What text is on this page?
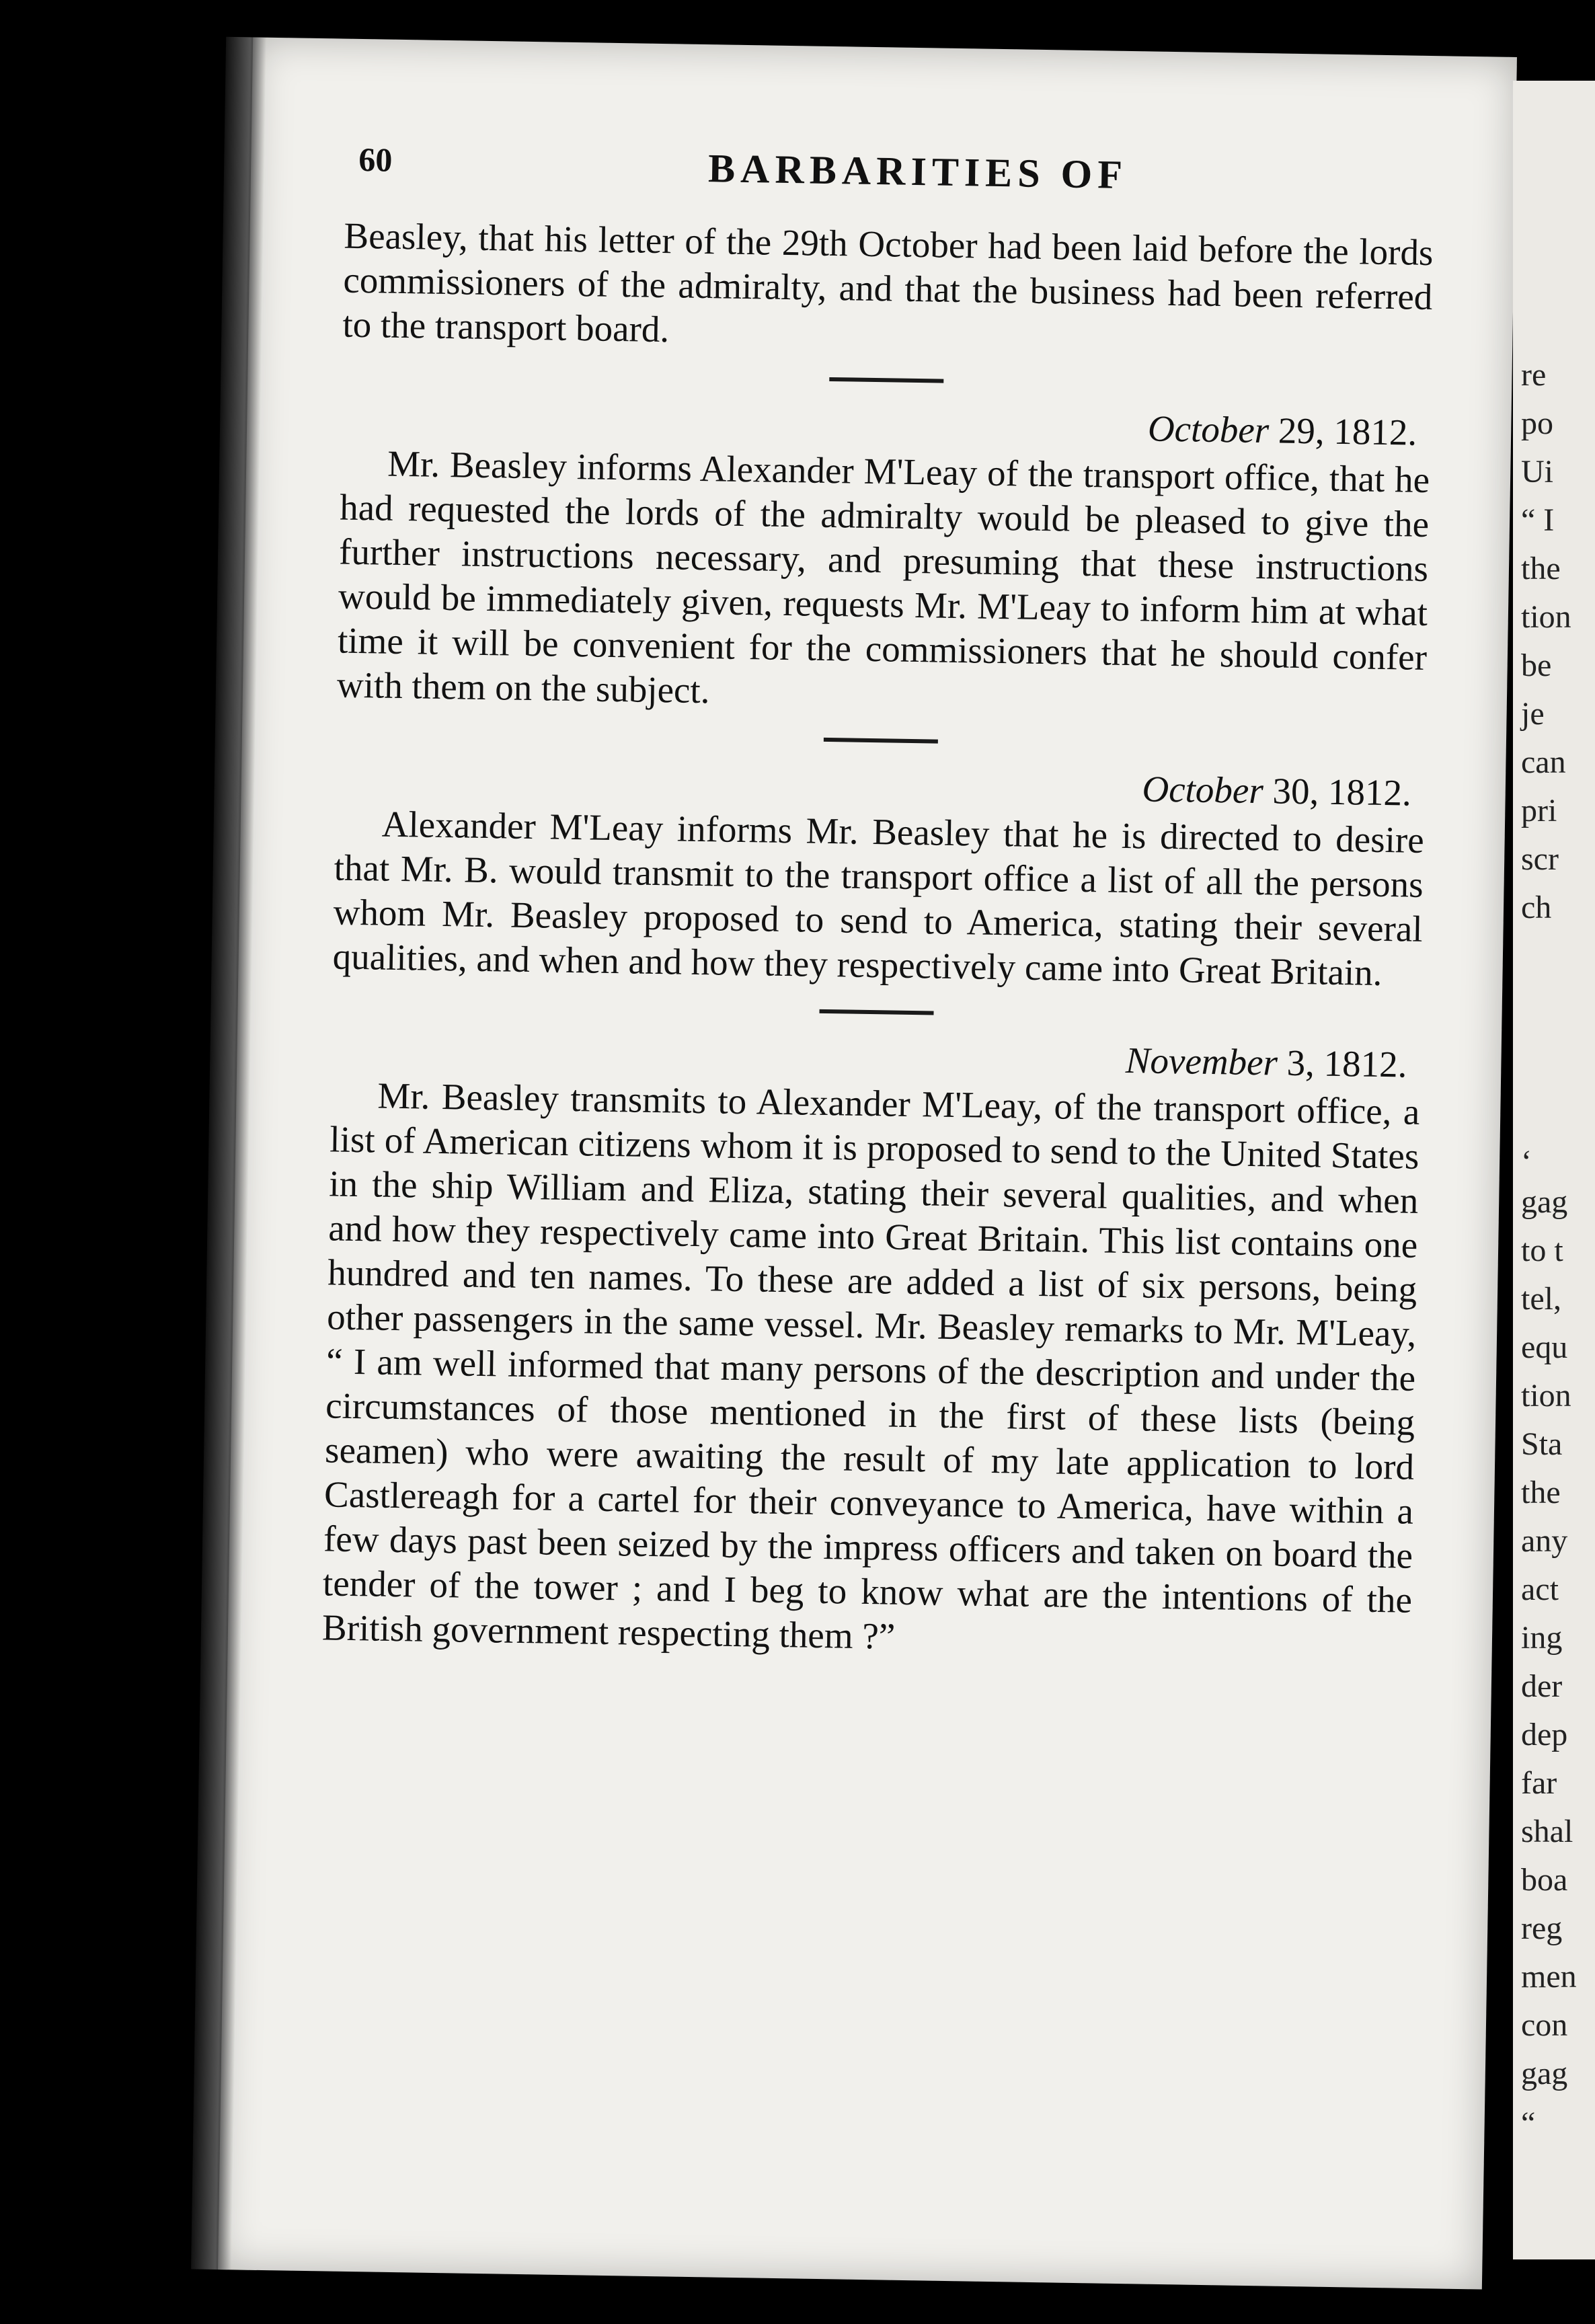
60	BARBARITIES OF

Beasley, that his letter of the 29th October had been laid before the lords commissioners of the admiralty, and that the business had been referred to the transport board.

October 29, 1812.

Mr. Beasley informs Alexander M'Leay of the transport office, that he had requested the lords of the admiralty would be pleased to give the further instructions necessary, and presuming that these instructions would be immediately given, requests Mr. M'Leay to inform him at what time it will be convenient for the commissioners that he should confer with them on the subject.

October 30, 1812.

Alexander M'Leay informs Mr. Beasley that he is directed to desire that Mr. B. would transmit to the transport office a list of all the persons whom Mr. Beasley proposed to send to America, stating their several qualities, and when and how they respectively came into Great Britain.

November 3, 1812.

Mr. Beasley transmits to Alexander M'Leay, of the transport office, a list of American citizens whom it is proposed to send to the United States in the ship William and Eliza, stating their several qualities, and when and how they respectively came into Great Britain. This list contains one hundred and ten names. To these are added a list of six persons, being other passengers in the same vessel. Mr. Beasley remarks to Mr. M'Leay, “ I am well informed that many persons of the description and under the circumstances of those mentioned in the first of these lists (being seamen) who were awaiting the result of my late application to lord Castlereagh for a cartel for their conveyance to America, have within a few days past been seized by the impress officers and taken on board the tender of the tower ; and I beg to know what are the intentions of the British government respecting them ?”

re
po
Ui
“ I
the
tion
be
je
can
pri
scr
ch
‘
gag
to t
tel,
equ
tion
Sta
the
any
act
ing
der
dep
far
shal
boa
reg
men
con
gag
“
